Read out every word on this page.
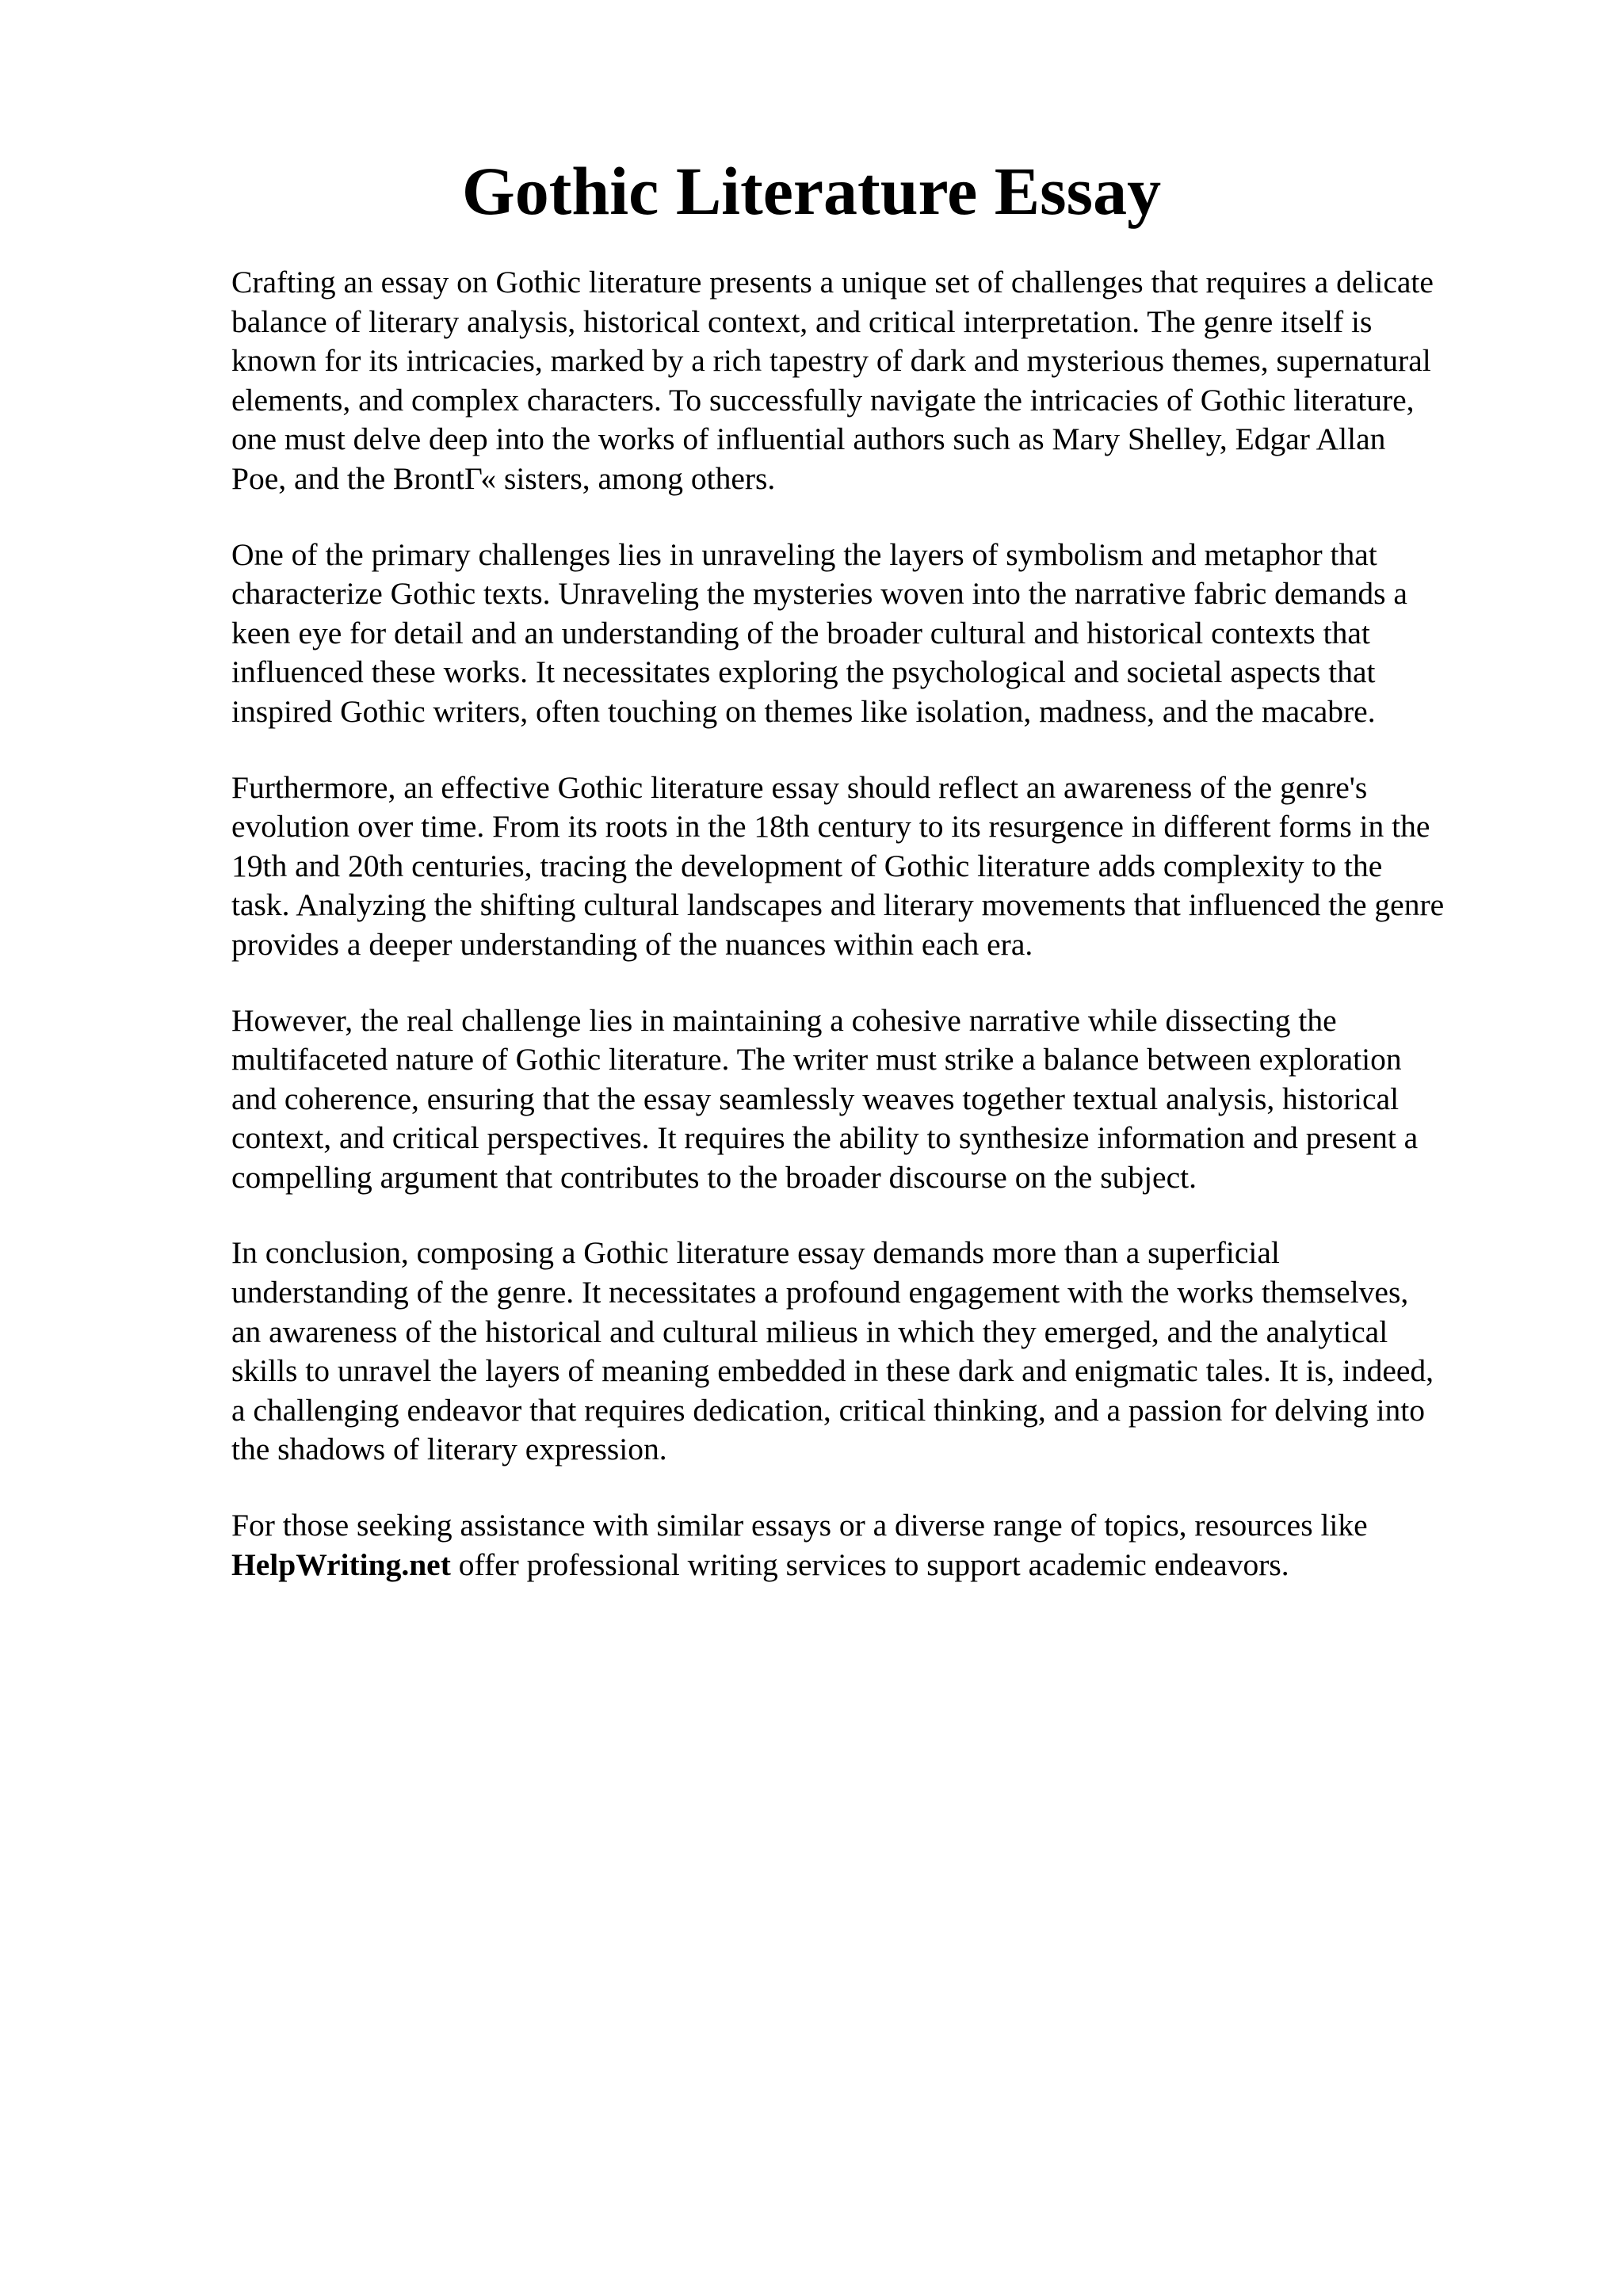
Gothic Literature Essay

Crafting an essay on Gothic literature presents a unique set of challenges that requires a delicate
balance of literary analysis, historical context, and critical interpretation. The genre itself is
known for its intricacies, marked by a rich tapestry of dark and mysterious themes, supernatural
elements, and complex characters. To successfully navigate the intricacies of Gothic literature,
one must delve deep into the works of influential authors such as Mary Shelley, Edgar Allan
Poe, and the BrontГ« sisters, among others.

One of the primary challenges lies in unraveling the layers of symbolism and metaphor that
characterize Gothic texts. Unraveling the mysteries woven into the narrative fabric demands a
keen eye for detail and an understanding of the broader cultural and historical contexts that
influenced these works. It necessitates exploring the psychological and societal aspects that
inspired Gothic writers, often touching on themes like isolation, madness, and the macabre.

Furthermore, an effective Gothic literature essay should reflect an awareness of the genre's
evolution over time. From its roots in the 18th century to its resurgence in different forms in the
19th and 20th centuries, tracing the development of Gothic literature adds complexity to the
task. Analyzing the shifting cultural landscapes and literary movements that influenced the genre
provides a deeper understanding of the nuances within each era.

However, the real challenge lies in maintaining a cohesive narrative while dissecting the
multifaceted nature of Gothic literature. The writer must strike a balance between exploration
and coherence, ensuring that the essay seamlessly weaves together textual analysis, historical
context, and critical perspectives. It requires the ability to synthesize information and present a
compelling argument that contributes to the broader discourse on the subject.

In conclusion, composing a Gothic literature essay demands more than a superficial
understanding of the genre. It necessitates a profound engagement with the works themselves,
an awareness of the historical and cultural milieus in which they emerged, and the analytical
skills to unravel the layers of meaning embedded in these dark and enigmatic tales. It is, indeed,
a challenging endeavor that requires dedication, critical thinking, and a passion for delving into
the shadows of literary expression.

For those seeking assistance with similar essays or a diverse range of topics, resources like
HelpWriting.net offer professional writing services to support academic endeavors.
